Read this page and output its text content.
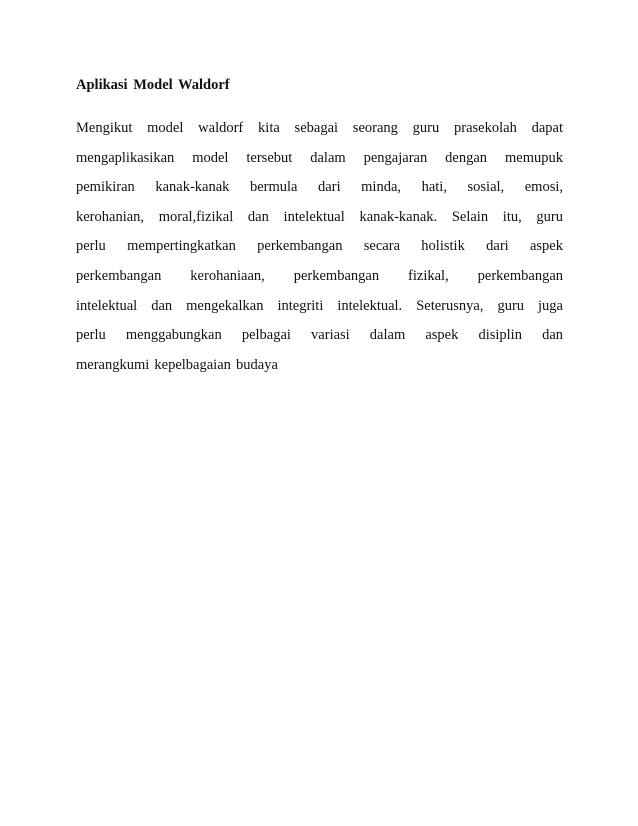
Aplikasi Model Waldorf
Mengikut model waldorf kita sebagai seorang guru prasekolah dapat
mengaplikasikan model tersebut dalam pengajaran dengan memupuk
pemikiran kanak-kanak bermula dari minda, hati, sosial, emosi,
kerohanian, moral,fizikal dan intelektual kanak-kanak. Selain itu, guru
perlu mempertingkatkan perkembangan secara holistik dari aspek
perkembangan kerohaniaan, perkembangan fizikal, perkembangan
intelektual dan mengekalkan integriti intelektual. Seterusnya, guru juga
perlu menggabungkan pelbagai variasi dalam aspek disiplin dan
merangkumi kepelbagaian budaya
